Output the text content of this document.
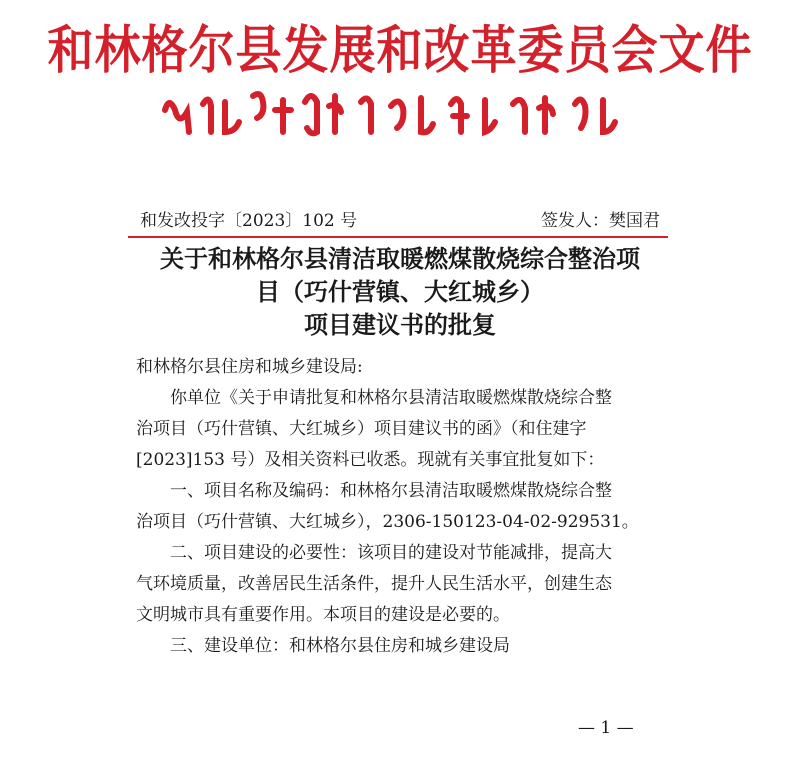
和林格尔县发展和改革委员会文件
和发改投字〔2023〕102 号	签发人：樊国君
关于和林格尔县清洁取暖燃煤散烧综合整治项
目（巧什营镇、大红城乡）
项目建议书的批复

和林格尔县住房和城乡建设局:

你单位《关于申请批复和林格尔县清洁取暖燃煤散烧综合整

治项目（巧什营镇、大红城乡）项目建议书的函》（和住建字

[2023]153 号）及相关资料已收悉。现就有关事宜批复如下：

一、项目名称及编码：和林格尔县清洁取暖燃煤散烧综合整

治项目（巧什营镇、大红城乡），2306-150123-04-02-929531。

二、项目建设的必要性：该项目的建设对节能减排，提高大

气环境质量，改善居民生活条件，提升人民生活水平，创建生态

文明城市具有重要作用。本项目的建设是必要的。

三、建设单位：和林格尔县住房和城乡建设局

— 1 —
